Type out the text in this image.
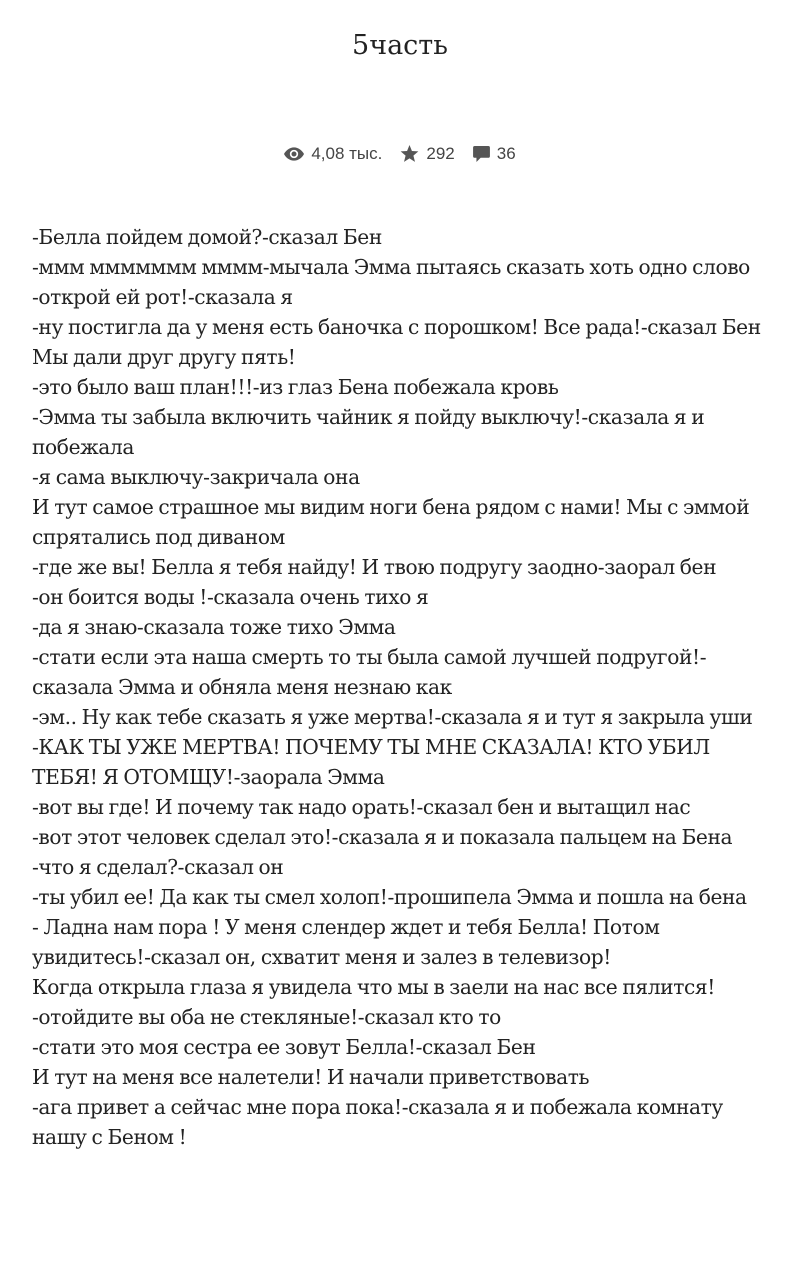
5часть
4,08 тыс.	292 36

-Белла пойдем домой?-сказал Бен

-ммм ммммммм мммм-мычала Эмма пытаясь сказать хоть одно слово

-открой ей рот!-сказала я

-ну постигла да у меня есть баночка с порошком! Все рада!-сказал Бен

Мы дали друг другу пять!

-это было ваш план!!!-из глаз Бена побежала кровь

-Эмма ты забыла включить чайник я пойду выключу!-сказала я и побежала

-я сама выключу-закричала она

И тут самое страшное мы видим ноги бена рядом с нами! Мы с эммой спрятались под диваном

-где же вы! Белла я тебя найду! И твою подругу заодно-заорал бен

-он боится воды !-сказала очень тихо я

-да я знаю-сказала тоже тихо Эмма

-стати если эта наша смерть то ты была самой лучшей подругой!-сказала Эмма и обняла меня незнаю как

-эм.. Ну как тебе сказать я уже мертва!-сказала я и тут я закрыла уши

-КАК ТЫ УЖЕ МЕРТВА! ПОЧЕМУ ТЫ МНЕ СКАЗАЛА! КТО УБИЛ ТЕБЯ! Я ОТОМЩУ!-заорала Эмма

-вот вы где! И почему так надо орать!-сказал бен и вытащил нас

-вот этот человек сделал это!-сказала я и показала пальцем на Бена

-что я сделал?-сказал он

-ты убил ее! Да как ты смел холоп!-прошипела Эмма и пошла на бена

- Ладна нам пора ! У меня слендер ждет и тебя Белла! Потом увидитесь!-сказал он, схватит меня и залез в телевизор!

Когда открыла глаза я увидела что мы в заели на нас все пялится!

-отойдите вы оба не стекляные!-сказал кто то

-стати это моя сестра ее зовут Белла!-сказал Бен

И тут на меня все налетели! И начали приветствовать

-ага привет а сейчас мне пора пока!-сказала я и побежала комнату нашу с Беном !
